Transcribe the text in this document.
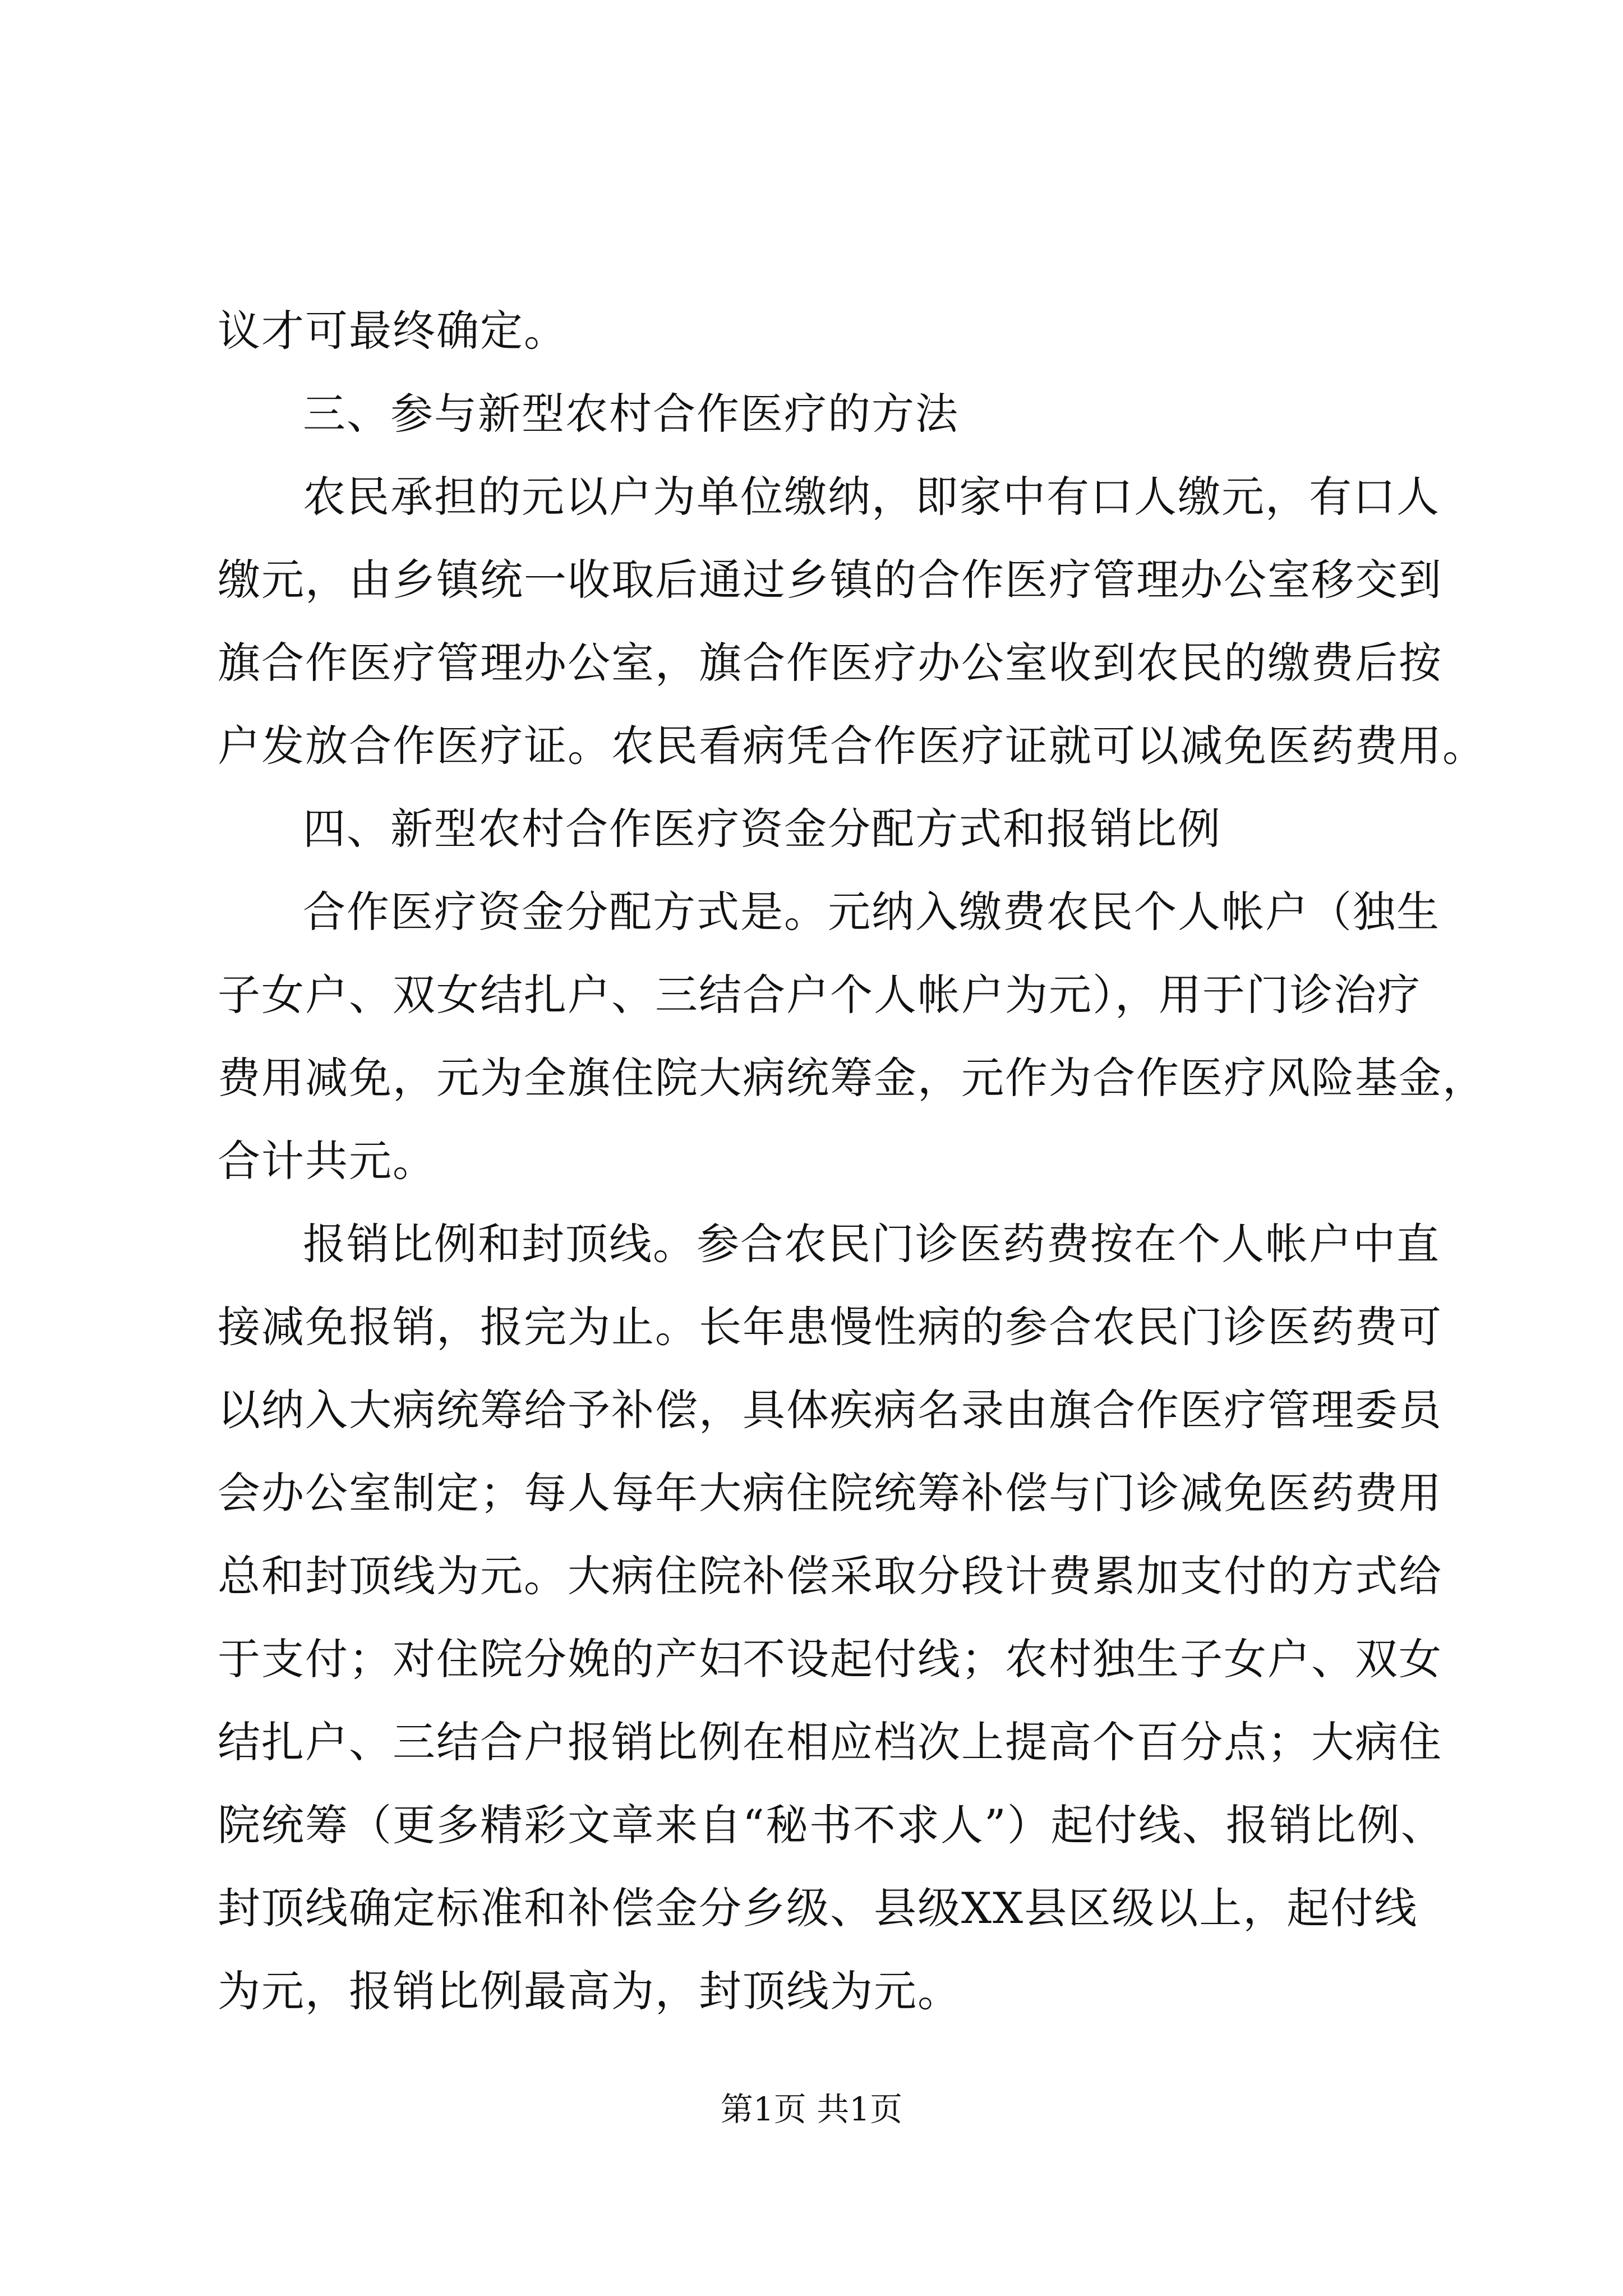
议才可最终确定。
三、参与新型农村合作医疗的方法
农民承担的元以户为单位缴纳，即家中有口人缴元，有口人
缴元，由乡镇统一收取后通过乡镇的合作医疗管理办公室移交到
旗合作医疗管理办公室，旗合作医疗办公室收到农民的缴费后按
户发放合作医疗证。农民看病凭合作医疗证就可以减免医药费用。
四、新型农村合作医疗资金分配方式和报销比例
合作医疗资金分配方式是。元纳入缴费农民个人帐户（独生
子女户、双女结扎户、三结合户个人帐户为元），用于门诊治疗
费用减免，元为全旗住院大病统筹金，元作为合作医疗风险基金，
合计共元。
报销比例和封顶线。参合农民门诊医药费按在个人帐户中直
接减免报销，报完为止。长年患慢性病的参合农民门诊医药费可
以纳入大病统筹给予补偿，具体疾病名录由旗合作医疗管理委员
会办公室制定；每人每年大病住院统筹补偿与门诊减免医药费用
总和封顶线为元。大病住院补偿采取分段计费累加支付的方式给
于支付；对住院分娩的产妇不设起付线；农村独生子女户、双女
结扎户、三结合户报销比例在相应档次上提高个百分点；大病住
院统筹（更多精彩文章来自“秘书不求人”）起付线、报销比例、
封顶线确定标准和补偿金分乡级、县级XX县区级以上，起付线
为元，报销比例最高为，封顶线为元。
第1页 共1页
